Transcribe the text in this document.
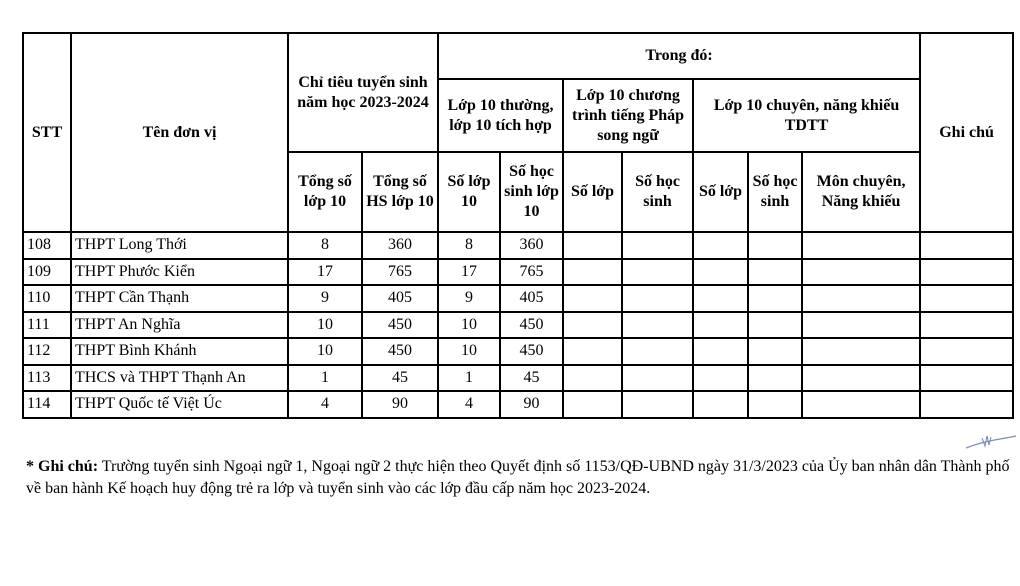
STT	Tên đơn vị	Chỉ tiêu tuyển sinh năm học 2023-2024		Trong đó:							Ghi chú
				Lớp 10 thường, lớp 10 tích hợp		Lớp 10 chương trình tiếng Pháp song ngữ		Lớp 10 chuyên, năng khiếu TDTT			
		Tổng số lớp 10	Tổng số HS lớp 10	Số lớp 10	Số học sinh lớp 10	Số lớp	Số học sinh	Số lớp	Số học sinh	Môn chuyên, Năng khiếu	
108	THPT Long Thới	8	360	8	360						
109	THPT Phước Kiển	17	765	17	765						
110	THPT Cần Thạnh	9	405	9	405						
111	THPT An Nghĩa	10	450	10	450						
112	THPT Bình Khánh	10	450	10	450						
113	THCS và THPT Thạnh An	1	45	1	45						
114	THPT Quốc tế Việt Úc	4	90	4	90						
* Ghi chú: Trường tuyển sinh Ngoại ngữ 1, Ngoại ngữ 2 thực hiện theo Quyết định số 1153/QĐ-UBND ngày 31/3/2023 của Ủy ban nhân dân Thành phố về ban hành Kế hoạch huy động trẻ ra lớp và tuyển sinh vào các lớp đầu cấp năm học 2023-2024.
